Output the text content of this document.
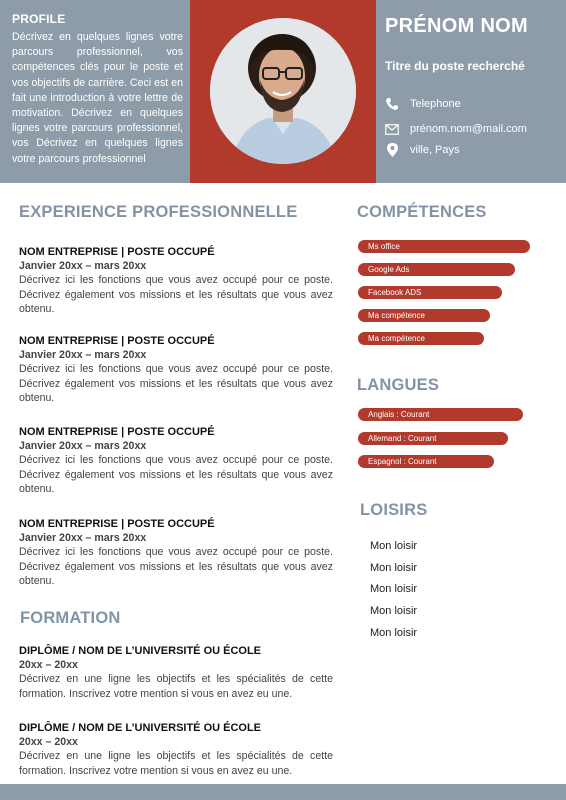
PROFILE
Décrivez en quelques lignes votre parcours professionnel, vos compétences clés pour le poste et vos objectifs de carrière. Ceci est en fait une introduction à votre lettre de motivation. Décrivez en quelques lignes votre parcours professionnel, vos Décrivez en quelques lignes votre parcours professionnel
PRÉNOM NOM
Titre du poste recherché
Telephone
prénom.nom@mail.com
ville, Pays
EXPERIENCE PROFESSIONNELLE
NOM ENTREPRISE | POSTE OCCUPÉ
Janvier 20xx – mars 20xx
Décrivez ici les fonctions que vous avez occupé pour ce poste. Décrivez également vos missions et les résultats que vous avez obtenu.
NOM ENTREPRISE | POSTE OCCUPÉ
Janvier 20xx – mars 20xx
Décrivez ici les fonctions que vous avez occupé pour ce poste. Décrivez également vos missions et les résultats que vous avez obtenu.
NOM ENTREPRISE | POSTE OCCUPÉ
Janvier 20xx – mars 20xx
Décrivez ici les fonctions que vous avez occupé pour ce poste. Décrivez également vos missions et les résultats que vous avez obtenu.
NOM ENTREPRISE | POSTE OCCUPÉ
Janvier 20xx – mars 20xx
Décrivez ici les fonctions que vous avez occupé pour ce poste. Décrivez également vos missions et les résultats que vous avez obtenu.
FORMATION
DIPLÔME / NOM DE L’UNIVERSITÉ OU ÉCOLE
20xx – 20xx
Décrivez en une ligne les objectifs et les spécialités de cette formation. Inscrivez votre mention si vous en avez eu une.
DIPLÔME / NOM DE L’UNIVERSITÉ OU ÉCOLE
20xx – 20xx
Décrivez en une ligne les objectifs et les spécialités de cette formation. Inscrivez votre mention si vous en avez eu une.
COMPÉTENCES
Ms office
Google Ads
Facebook ADS
Ma compétence
Ma compétence
LANGUES
Anglais : Courant
Allemand : Courant
Espagnol : Courant
LOISIRS
Mon loisir
Mon loisir
Mon loisir
Mon loisir
Mon loisir
